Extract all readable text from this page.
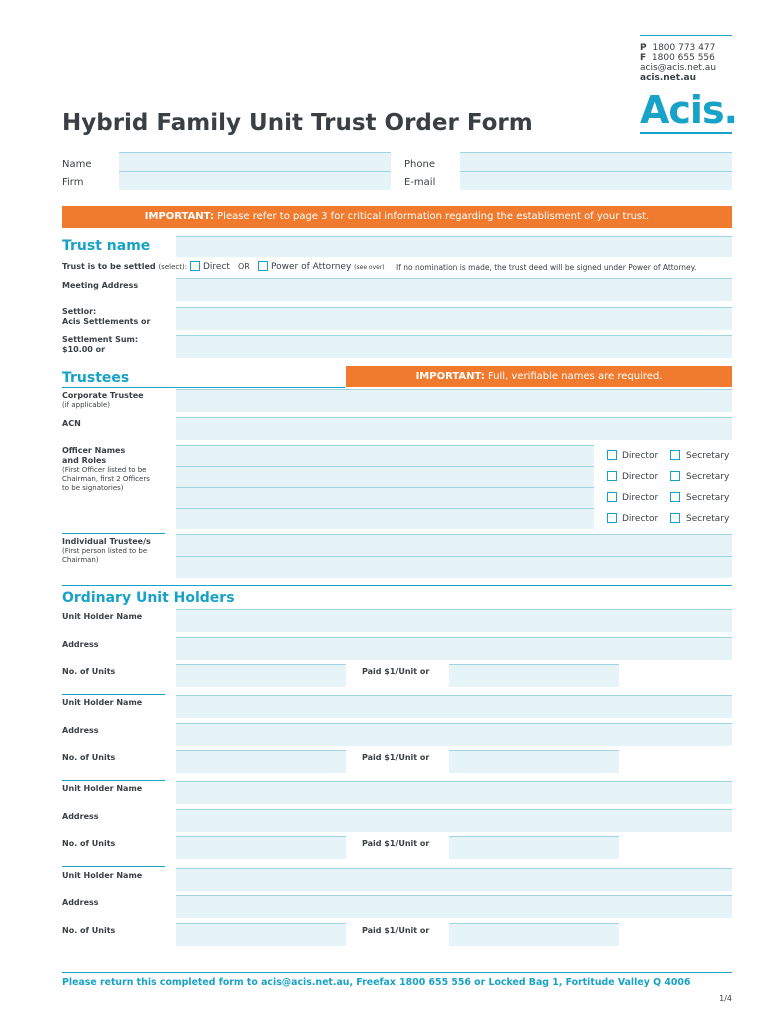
P 1800 773 477
F 1800 655 556
acis@acis.net.au
acis.net.au
Acis.
Hybrid Family Unit Trust Order Form
Name	Phone
Firm	E-mail
IMPORTANT: Please refer to page 3 for critical information regarding the establisment of your trust.
Trust name
Trust is to be settled (select): Direct OR Power of Attorney (see over) If no nomination is made, the trust deed will be signed under Power of Attorney.
Meeting Address
Settlor:
Acis Settlements or
Settlement Sum:
$10.00 or
Trustees	IMPORTANT: Full, verifiable names are required.
Corporate Trustee
(if applicable)
ACN
Officer Names
and Roles
(First Officer listed to be
Chairman, first 2 Officers
to be signatories)
Director	Secretary
Director	Secretary
Director	Secretary
Director	Secretary
Individual Trustee/s
(First person listed to be
Chairman)
Ordinary Unit Holders
Unit Holder Name
Address
No. of Units	Paid $1/Unit or
Unit Holder Name
Address
No. of Units	Paid $1/Unit or
Unit Holder Name
Address
No. of Units	Paid $1/Unit or
Unit Holder Name
Address
No. of Units	Paid $1/Unit or
Please return this completed form to acis@acis.net.au, Freefax 1800 655 556 or Locked Bag 1, Fortitude Valley Q 4006
1/4
